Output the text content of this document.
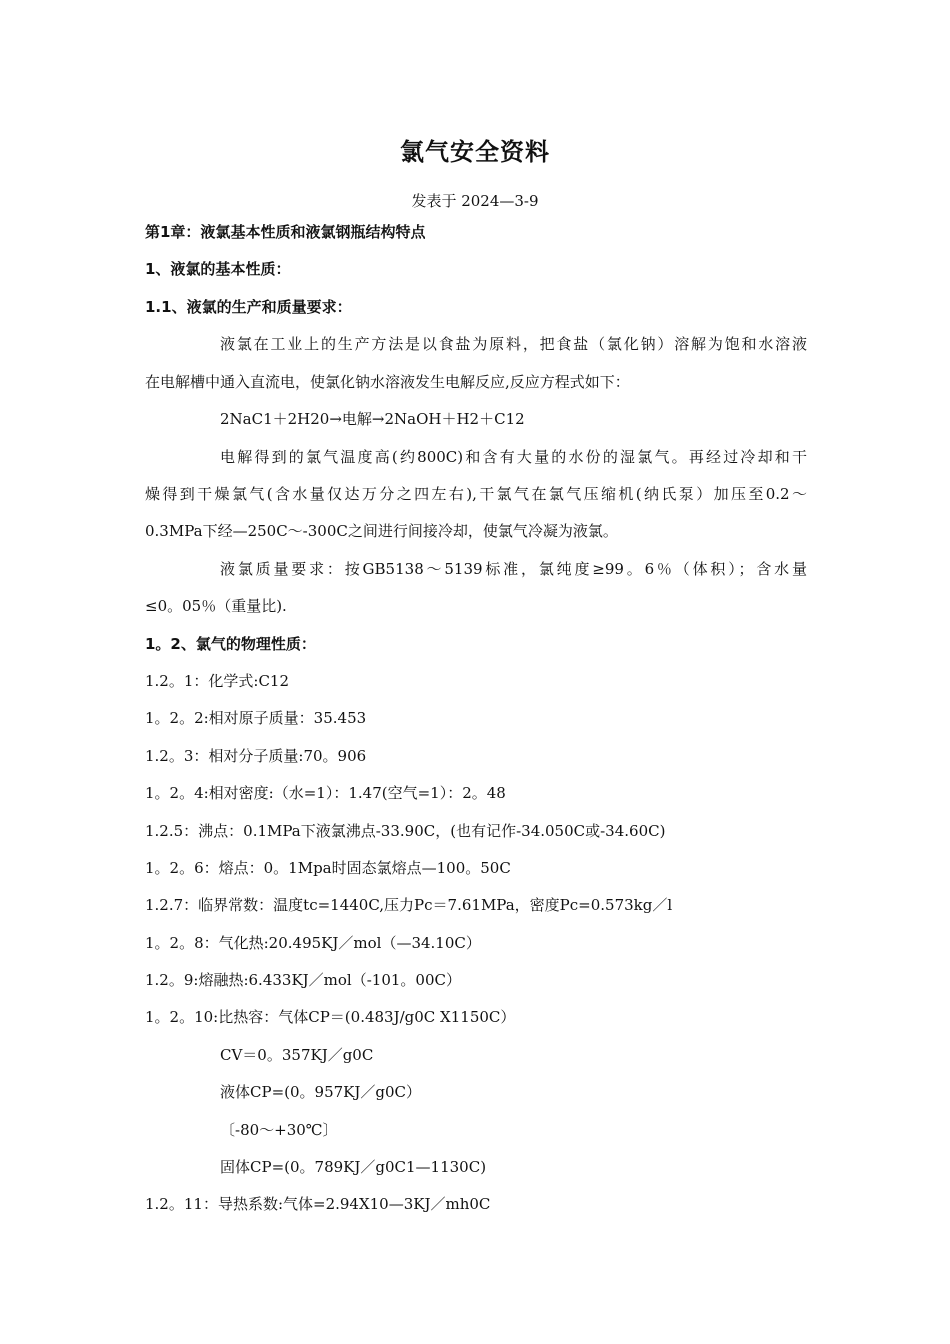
氯气安全资料
发表于 2024—3-9
第1章：液氯基本性质和液氯钢瓶结构特点
1、液氯的基本性质：
1.1、液氯的生产和质量要求：
液氯在工业上的生产方法是以食盐为原料，把食盐（氯化钠）溶解为饱和水溶液
在电解槽中通入直流电，使氯化钠水溶液发生电解反应,反应方程式如下：
2NaC1＋2H20→电解→2NaOH＋H2＋C12
电解得到的氯气温度高(约800C)和含有大量的水份的湿氯气。再经过冷却和干
燥得到干燥氯气(含水量仅达万分之四左右),干氯气在氯气压缩机(纳氏泵）加压至0.2～
0.3MPa下经—250C～-300C之间进行间接冷却，使氯气冷凝为液氯。
液氯质量要求：按GB5138～5139标准，氯纯度≥99。6％（体积）；含水量
≤0。05％（重量比).
1。2、氯气的物理性质：
1.2。1：化学式:C12
1。2。2:相对原子质量：35.453
1.2。3：相对分子质量:70。906
1。2。4:相对密度:（水=1）：1.47(空气=1）：2。48
1.2.5：沸点：0.1MPa下液氯沸点-33.90C，(也有记作-34.050C或-34.60C)
1。2。6：熔点：0。1Mpa时固态氯熔点—100。50C
1.2.7：临界常数：温度tc=1440C,压力Pc＝7.61MPa，密度Pc=0.573kg／l
1。2。8：气化热:20.495KJ／mol（—34.10C）
1.2。9:熔融热:6.433KJ／mol（-101。00C）
1。2。10:比热容：气体CP＝(0.483J/g0C X1150C）
CV＝0。357KJ／g0C
液体CP=(0。957KJ／g0C）
〔-80～+30℃〕
固体CP=(0。789KJ／g0C1—1130C)
1.2。11：导热系数:气体=2.94X10—3KJ／mh0C
